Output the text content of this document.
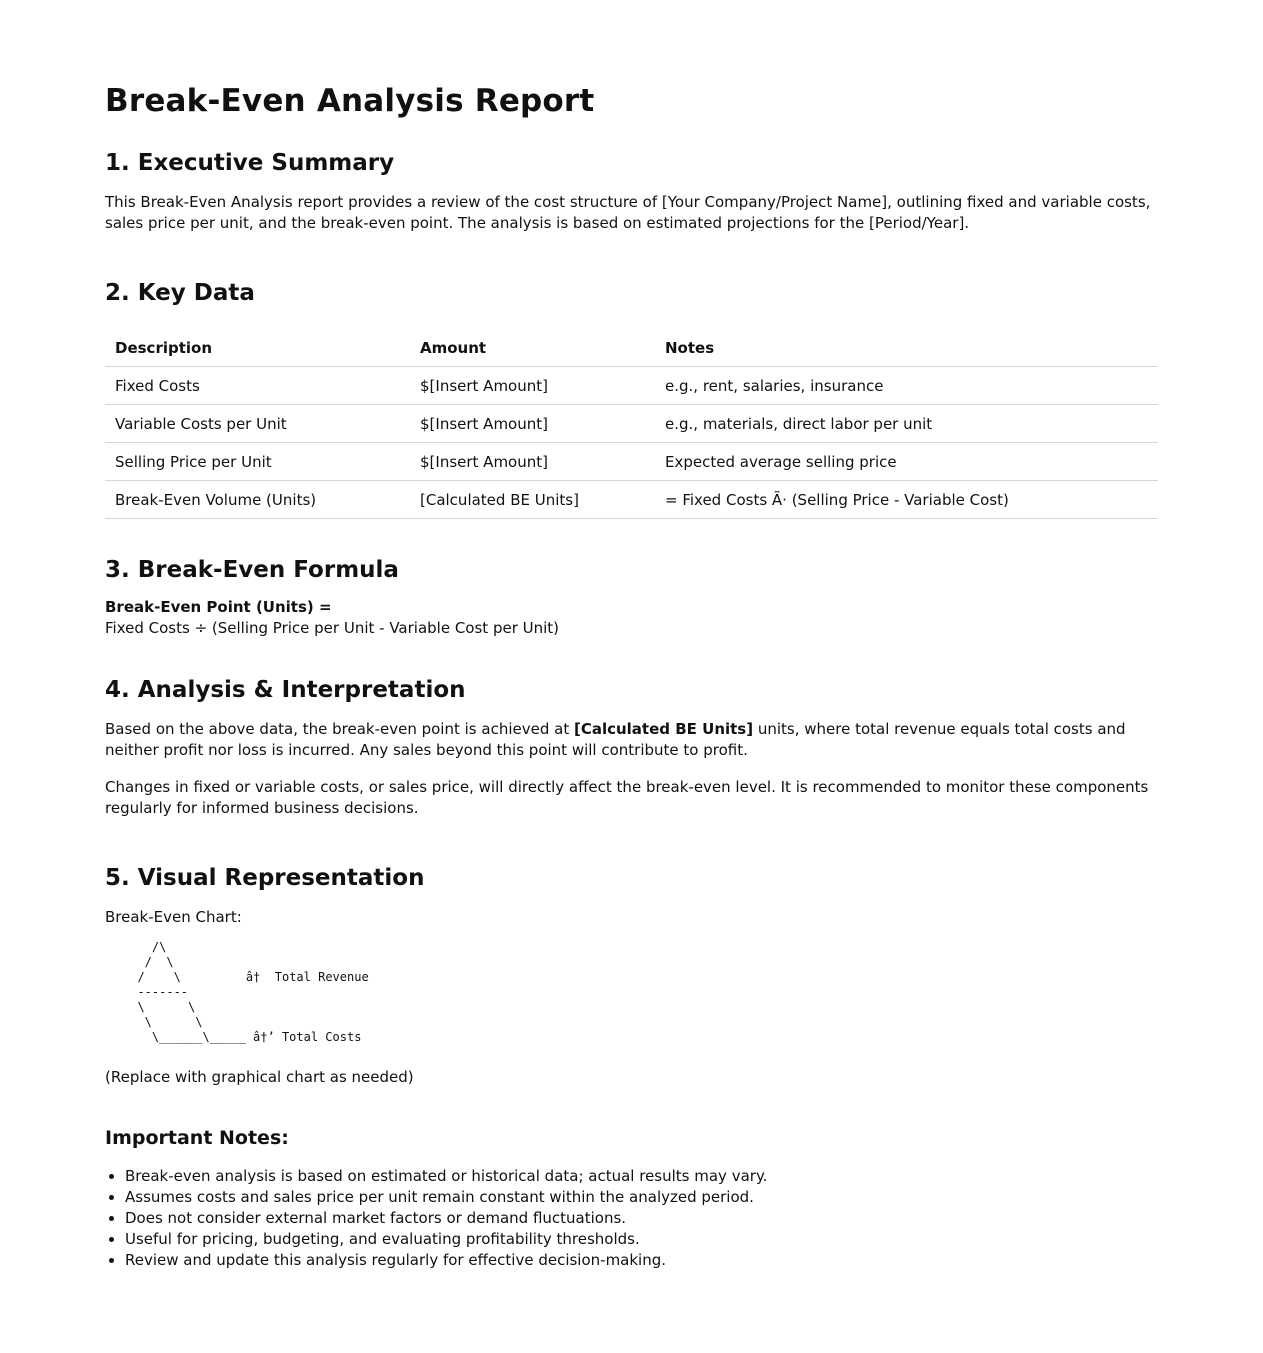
Break-Even Analysis Report
1. Executive Summary

This Break-Even Analysis report provides a review of the cost structure of [Your Company/Project Name], outlining fixed and variable costs, sales price per unit, and the break-even point. The analysis is based on estimated projections for the [Period/Year].

2. Key Data
Description	Amount	Notes
Fixed Costs	$[Insert Amount]	e.g., rent, salaries, insurance
Variable Costs per Unit	$[Insert Amount]	e.g., materials, direct labor per unit
Selling Price per Unit	$[Insert Amount]	Expected average selling price
Break-Even Volume (Units)	[Calculated BE Units]	= Fixed Costs Ã· (Selling Price - Variable Cost)
3. Break-Even Formula
Break-Even Point (Units) =
Fixed Costs ÷ (Selling Price per Unit - Variable Cost per Unit)
4. Analysis & Interpretation

Based on the above data, the break-even point is achieved at [Calculated BE Units] units, where total revenue equals total costs and neither profit nor loss is incurred. Any sales beyond this point will contribute to profit.

Changes in fixed or variable costs, or sales price, will directly affect the break-even level. It is recommended to monitor these components regularly for informed business decisions.

5. Visual Representation

Break-Even Chart:

/\
/  \
/    \         â† Total Revenue
-------
\      \
\      \
\______\_____ â†’ Total Costs

(Replace with graphical chart as needed)

Important Notes:
• Break-even analysis is based on estimated or historical data; actual results may vary.
• Assumes costs and sales price per unit remain constant within the analyzed period.
• Does not consider external market factors or demand fluctuations.
• Useful for pricing, budgeting, and evaluating profitability thresholds.
• Review and update this analysis regularly for effective decision-making.
